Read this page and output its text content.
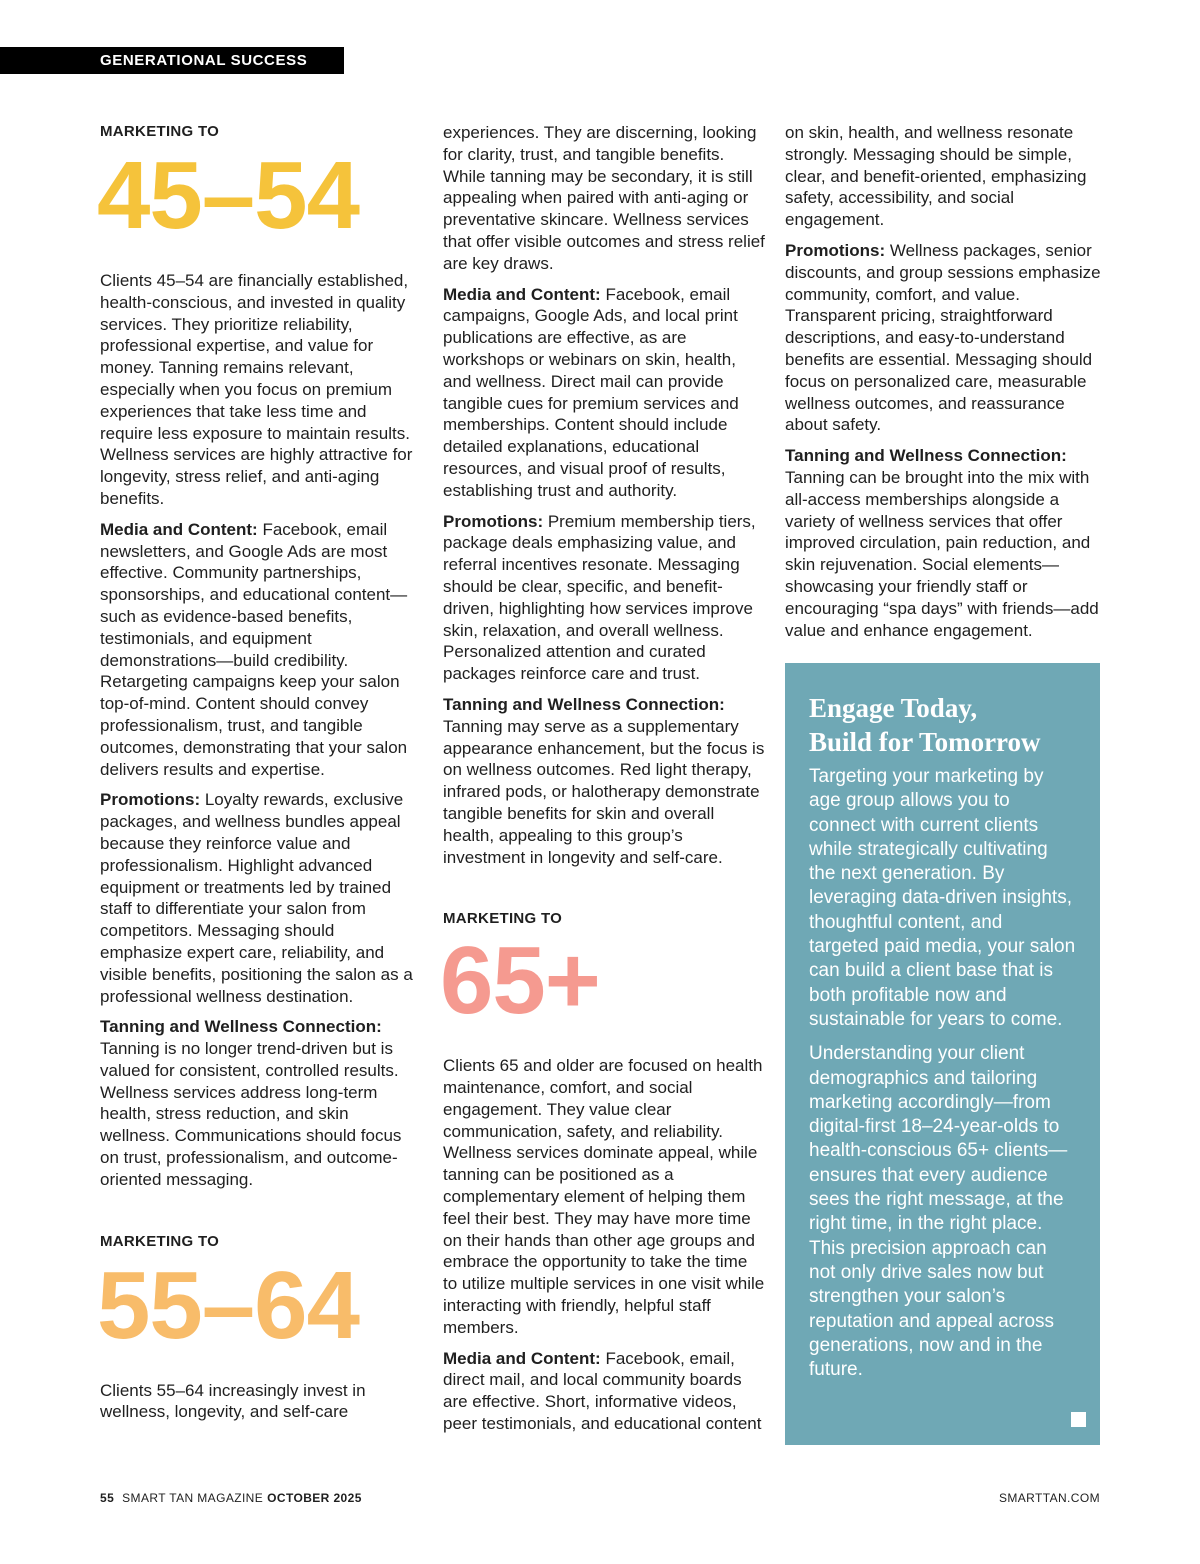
GENERATIONAL SUCCESS
MARKETING TO
45–54

Clients 45–54 are financially established, health-conscious, and invested in quality services. They prioritize reliability, professional expertise, and value for money. Tanning remains relevant, especially when you focus on premium experiences that take less time and require less exposure to maintain results. Wellness services are highly attractive for longevity, stress relief, and anti-aging benefits.

Media and Content: Facebook, email newsletters, and Google Ads are most effective. Community partnerships, sponsorships, and educational content—such as evidence-based benefits, testimonials, and equipment demonstrations—build credibility. Retargeting campaigns keep your salon top-of-mind. Content should convey professionalism, trust, and tangible outcomes, demonstrating that your salon delivers results and expertise.

Promotions: Loyalty rewards, exclusive packages, and wellness bundles appeal because they reinforce value and professionalism. Highlight advanced equipment or treatments led by trained staff to differentiate your salon from competitors. Messaging should emphasize expert care, reliability, and visible benefits, positioning the salon as a professional wellness destination.

Tanning and Wellness Connection:
Tanning is no longer trend-driven but is valued for consistent, controlled results. Wellness services address long-term health, stress reduction, and skin wellness. Communications should focus on trust, professionalism, and outcome-oriented messaging.

MARKETING TO
55–64

Clients 55–64 increasingly invest in wellness, longevity, and self-care

experiences. They are discerning, looking for clarity, trust, and tangible benefits. While tanning may be secondary, it is still appealing when paired with anti-aging or preventative skincare. Wellness services that offer visible outcomes and stress relief are key draws.

Media and Content: Facebook, email campaigns, Google Ads, and local print publications are effective, as are workshops or webinars on skin, health, and wellness. Direct mail can provide tangible cues for premium services and memberships. Content should include detailed explanations, educational resources, and visual proof of results, establishing trust and authority.

Promotions: Premium membership tiers, package deals emphasizing value, and referral incentives resonate. Messaging should be clear, specific, and benefit-driven, highlighting how services improve skin, relaxation, and overall wellness. Personalized attention and curated packages reinforce care and trust.

Tanning and Wellness Connection:
Tanning may serve as a supplementary appearance enhancement, but the focus is on wellness outcomes. Red light therapy, infrared pods, or halotherapy demonstrate tangible benefits for skin and overall health, appealing to this group’s investment in longevity and self-care.

MARKETING TO
65+

Clients 65 and older are focused on health maintenance, comfort, and social engagement. They value clear communication, safety, and reliability. Wellness services dominate appeal, while tanning can be positioned as a complementary element of helping them feel their best. They may have more time on their hands than other age groups and embrace the opportunity to take the time to utilize multiple services in one visit while interacting with friendly, helpful staff members.

Media and Content: Facebook, email, direct mail, and local community boards are effective. Short, informative videos, peer testimonials, and educational content

on skin, health, and wellness resonate strongly. Messaging should be simple, clear, and benefit-oriented, emphasizing safety, accessibility, and social engagement.

Promotions: Wellness packages, senior discounts, and group sessions emphasize community, comfort, and value. Transparent pricing, straightforward descriptions, and easy-to-understand benefits are essential. Messaging should focus on personalized care, measurable wellness outcomes, and reassurance about safety.

Tanning and Wellness Connection:
Tanning can be brought into the mix with all-access memberships alongside a variety of wellness services that offer improved circulation, pain reduction, and skin rejuvenation. Social elements—showcasing your friendly staff or encouraging “spa days” with friends—add value and enhance engagement.

Engage Today,
Build for Tomorrow

Targeting your marketing by age group allows you to connect with current clients while strategically cultivating the next generation. By leveraging data-driven insights, thoughtful content, and targeted paid media, your salon can build a client base that is both profitable now and sustainable for years to come.

Understanding your client demographics and tailoring marketing accordingly—from digital-first 18–24-year-olds to health-conscious 65+ clients—ensures that every audience sees the right message, at the right time, in the right place. This precision approach can not only drive sales now but strengthen your salon’s reputation and appeal across generations, now and in the future.

55 SMART TAN MAGAZINE OCTOBER 2025	SMARTTAN.COM
